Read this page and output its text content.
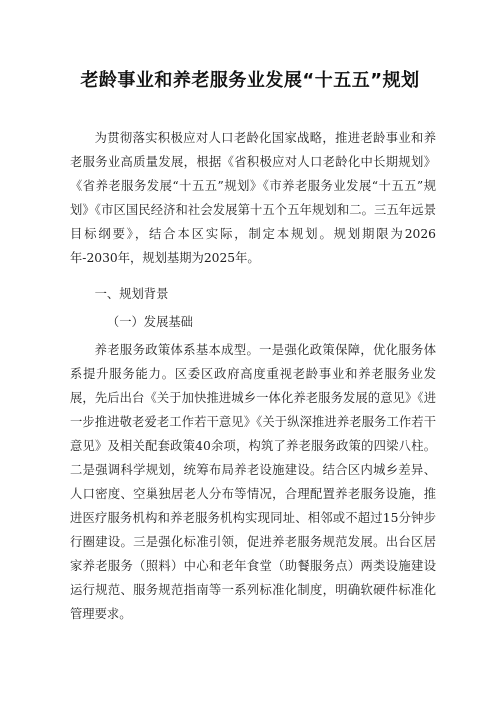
老龄事业和养老服务业发展“十五五”规划

为贯彻落实积极应对人口老龄化国家战略，推进老龄事业和养老服务业高质量发展，根据《省积极应对人口老龄化中长期规划》《省养老服务发展“十五五”规划》《市养老服务业发展“十五五”规划》《市区国民经济和社会发展第十五个五年规划和二。三五年远景目标纲要》，结合本区实际，制定本规划。规划期限为2026年-2030年，规划基期为2025年。

一、规划背景

（一）发展基础

养老服务政策体系基本成型。一是强化政策保障，优化服务体系提升服务能力。区委区政府高度重视老龄事业和养老服务业发展，先后出台《关于加快推进城乡一体化养老服务发展的意见》《进一步推进敬老爱老工作若干意见》《关于纵深推进养老服务工作若干意见》及相关配套政策40余项，构筑了养老服务政策的四梁八柱。二是强调科学规划，统筹布局养老设施建设。结合区内城乡差异、人口密度、空巢独居老人分布等情况，合理配置养老服务设施，推进医疗服务机构和养老服务机构实现同址、相邻或不超过15分钟步行圈建设。三是强化标准引领，促进养老服务规范发展。出台区居家养老服务（照料）中心和老年食堂（助餐服务点）两类设施建设运行规范、服务规范指南等一系列标准化制度，明确软硬件标准化管理要求。
